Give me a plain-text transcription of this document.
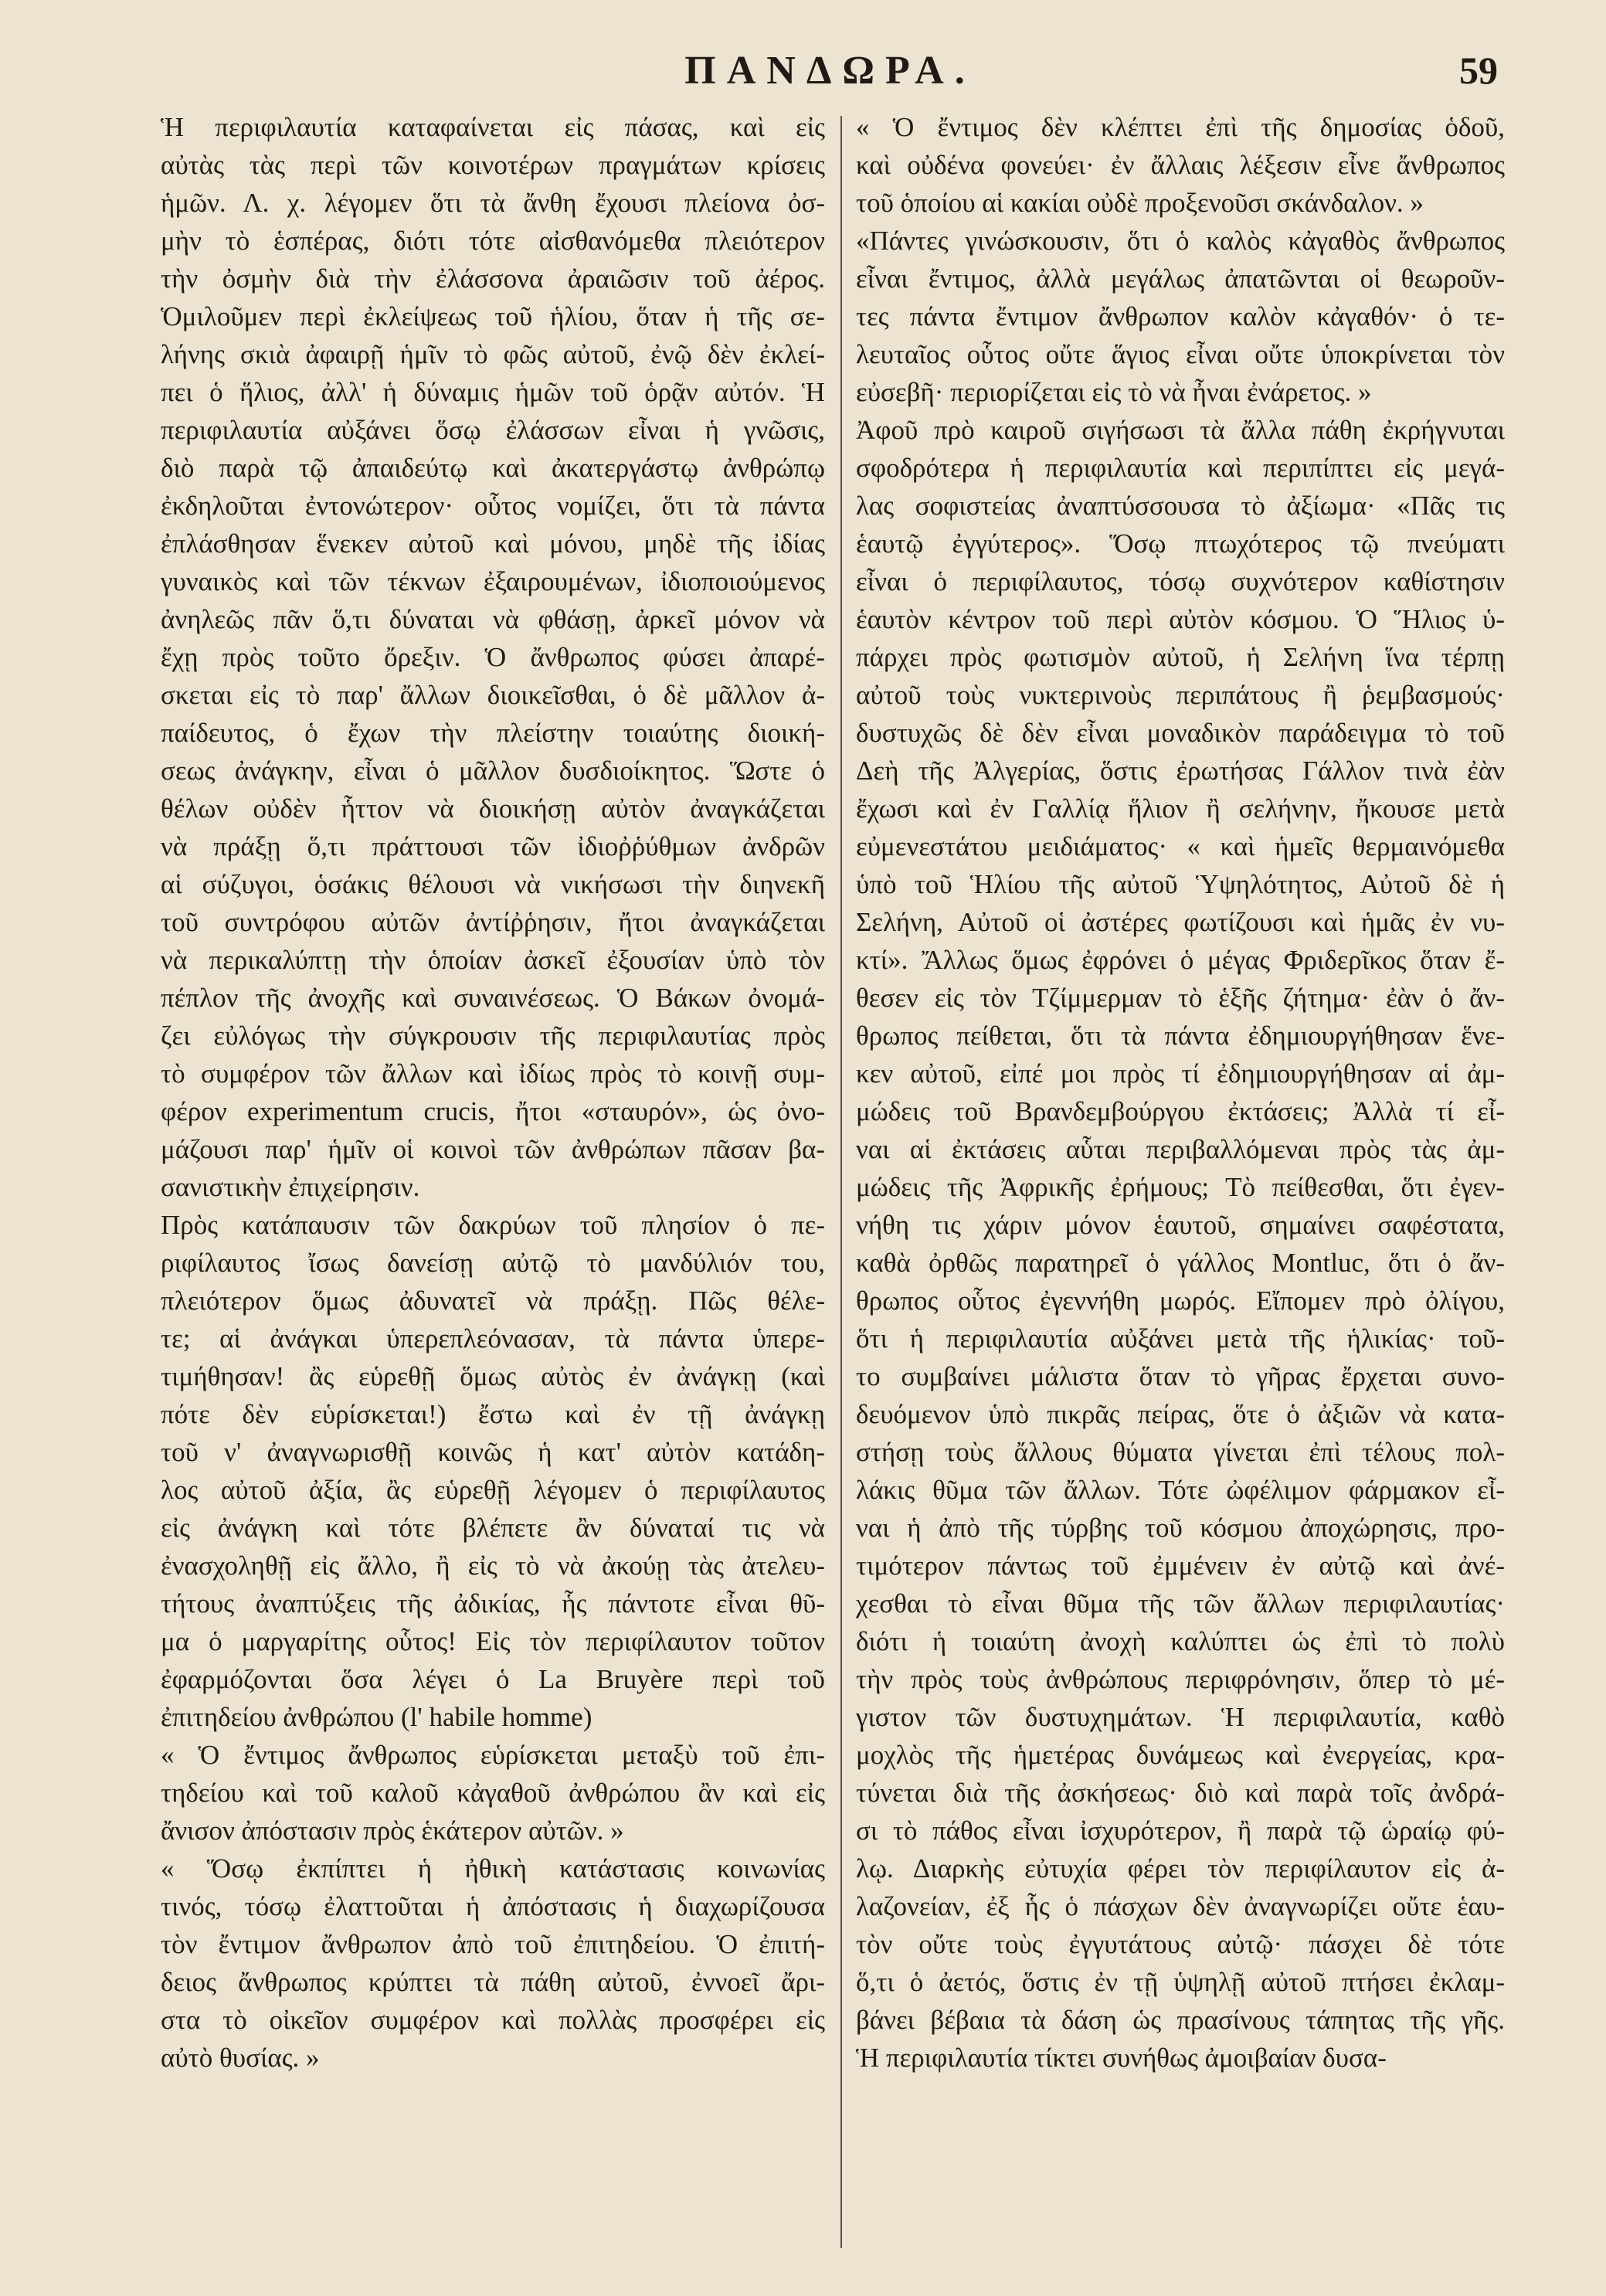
ΠΑΝΔΩΡΑ.	59
Ἡ περιφιλαυτία καταφαίνεται εἰς πάσας, καὶ εἰς
αὐτὰς τὰς περὶ τῶν κοινοτέρων πραγμάτων κρίσεις
ἡμῶν. Λ. χ. λέγομεν ὅτι τὰ ἄνθη ἔχουσι πλείονα ὀσ-
μὴν τὸ ἑσπέρας, διότι τότε αἰσθανόμεθα πλειότερον
τὴν ὀσμὴν διὰ τὴν ἐλάσσονα ἀραιῶσιν τοῦ ἀέρος.
Ὁμιλοῦμεν περὶ ἐκλείψεως τοῦ ἡλίου, ὅταν ἡ τῆς σε-
λήνης σκιὰ ἀφαιρῇ ἡμῖν τὸ φῶς αὐτοῦ, ἐνῷ δὲν ἐκλεί-
πει ὁ ἥλιος, ἀλλ' ἡ δύναμις ἡμῶν τοῦ ὁρᾷν αὐτόν. Ἡ
περιφιλαυτία αὐξάνει ὅσῳ ἐλάσσων εἶναι ἡ γνῶσις,
διὸ παρὰ τῷ ἀπαιδεύτῳ καὶ ἀκατεργάστῳ ἀνθρώπῳ
ἐκδηλοῦται ἐντονώτερον· οὗτος νομίζει, ὅτι τὰ πάντα
ἐπλάσθησαν ἕνεκεν αὐτοῦ καὶ μόνου, μηδὲ τῆς ἰδίας
γυναικὸς καὶ τῶν τέκνων ἐξαιρουμένων, ἰδιοποιούμενος
ἀνηλεῶς πᾶν ὅ,τι δύναται νὰ φθάσῃ, ἀρκεῖ μόνον νὰ
ἔχῃ πρὸς τοῦτο ὄρεξιν. Ὁ ἄνθρωπος φύσει ἀπαρέ-
σκεται εἰς τὸ παρ' ἄλλων διοικεῖσθαι, ὁ δὲ μᾶλλον ἀ-
παίδευτος, ὁ ἔχων τὴν πλείστην τοιαύτης διοική-
σεως ἀνάγκην, εἶναι ὁ μᾶλλον δυσδιοίκητος. Ὥστε ὁ
θέλων οὐδὲν ἧττον νὰ διοικήσῃ αὐτὸν ἀναγκάζεται
νὰ πράξῃ ὅ,τι πράττουσι τῶν ἰδιοῤῥύθμων ἀνδρῶν
αἱ σύζυγοι, ὁσάκις θέλουσι νὰ νικήσωσι τὴν διηνεκῆ
τοῦ συντρόφου αὐτῶν ἀντίῤῥησιν, ἤτοι ἀναγκάζεται
νὰ περικαλύπτῃ τὴν ὁποίαν ἀσκεῖ ἐξουσίαν ὑπὸ τὸν
πέπλον τῆς ἀνοχῆς καὶ συναινέσεως. Ὁ Βάκων ὀνομά-
ζει εὐλόγως τὴν σύγκρουσιν τῆς περιφιλαυτίας πρὸς
τὸ συμφέρον τῶν ἄλλων καὶ ἰδίως πρὸς τὸ κοινῇ συμ-
φέρον experimentum crucis, ἤτοι «σταυρόν», ὡς ὀνο-
μάζουσι παρ' ἡμῖν οἱ κοινοὶ τῶν ἀνθρώπων πᾶσαν βα-
σανιστικὴν ἐπιχείρησιν.
Πρὸς κατάπαυσιν τῶν δακρύων τοῦ πλησίον ὁ πε-
ριφίλαυτος ἴσως δανείσῃ αὐτῷ τὸ μανδύλιόν του,
πλειότερον ὅμως ἀδυνατεῖ νὰ πράξῃ. Πῶς θέλε-
τε; αἱ ἀνάγκαι ὑπερεπλεόνασαν, τὰ πάντα ὑπερε-
τιμήθησαν! ἂς εὑρεθῇ ὅμως αὐτὸς ἐν ἀνάγκῃ (καὶ
πότε δὲν εὑρίσκεται!) ἔστω καὶ ἐν τῇ ἀνάγκῃ
τοῦ ν' ἀναγνωρισθῇ κοινῶς ἡ κατ' αὐτὸν κατάδη-
λος αὐτοῦ ἀξία, ἂς εὑρεθῇ λέγομεν ὁ περιφίλαυτος
εἰς ἀνάγκη καὶ τότε βλέπετε ἂν δύναταί τις νὰ
ἐνασχοληθῇ εἰς ἄλλο, ἢ εἰς τὸ νὰ ἀκούῃ τὰς ἀτελευ-
τήτους ἀναπτύξεις τῆς ἀδικίας, ἧς πάντοτε εἶναι θῦ-
μα ὁ μαργαρίτης οὗτος! Εἰς τὸν περιφίλαυτον τοῦτον
ἐφαρμόζονται ὅσα λέγει ὁ La Bruyère περὶ τοῦ
ἐπιτηδείου ἀνθρώπου (l' habile homme)
« Ὁ ἔντιμος ἄνθρωπος εὑρίσκεται μεταξὺ τοῦ ἐπι-
τηδείου καὶ τοῦ καλοῦ κἀγαθοῦ ἀνθρώπου ἂν καὶ εἰς
ἄνισον ἀπόστασιν πρὸς ἑκάτερον αὐτῶν. »
« Ὅσῳ ἐκπίπτει ἡ ἠθικὴ κατάστασις κοινωνίας
τινός, τόσῳ ἐλαττοῦται ἡ ἀπόστασις ἡ διαχωρίζουσα
τὸν ἔντιμον ἄνθρωπον ἀπὸ τοῦ ἐπιτηδείου. Ὁ ἐπιτή-
δειος ἄνθρωπος κρύπτει τὰ πάθη αὐτοῦ, ἐννοεῖ ἄρι-
στα τὸ οἰκεῖον συμφέρον καὶ πολλὰς προσφέρει εἰς
αὐτὸ θυσίας. »
« Ὁ ἔντιμος δὲν κλέπτει ἐπὶ τῆς δημοσίας ὁδοῦ,
καὶ οὐδένα φονεύει· ἐν ἄλλαις λέξεσιν εἶνε ἄνθρωπος
τοῦ ὁποίου αἱ κακίαι οὐδὲ προξενοῦσι σκάνδαλον. »
«Πάντες γινώσκουσιν, ὅτι ὁ καλὸς κἀγαθὸς ἄνθρωπος
εἶναι ἔντιμος, ἀλλὰ μεγάλως ἀπατῶνται οἱ θεωροῦν-
τες πάντα ἔντιμον ἄνθρωπον καλὸν κἀγαθόν· ὁ τε-
λευταῖος οὗτος οὔτε ἅγιος εἶναι οὔτε ὑποκρίνεται τὸν
εὐσεβῆ· περιορίζεται εἰς τὸ νὰ ἦναι ἐνάρετος. »
Ἀφοῦ πρὸ καιροῦ σιγήσωσι τὰ ἄλλα πάθη ἐκρήγνυται
σφοδρότερα ἡ περιφιλαυτία καὶ περιπίπτει εἰς μεγά-
λας σοφιστείας ἀναπτύσσουσα τὸ ἀξίωμα· «Πᾶς τις
ἑαυτῷ ἐγγύτερος». Ὅσῳ πτωχότερος τῷ πνεύματι
εἶναι ὁ περιφίλαυτος, τόσῳ συχνότερον καθίστησιν
ἑαυτὸν κέντρον τοῦ περὶ αὐτὸν κόσμου. Ὁ Ἥλιος ὑ-
πάρχει πρὸς φωτισμὸν αὐτοῦ, ἡ Σελήνη ἵνα τέρπῃ
αὐτοῦ τοὺς νυκτερινοὺς περιπάτους ἢ ῥεμβασμούς·
δυστυχῶς δὲ δὲν εἶναι μοναδικὸν παράδειγμα τὸ τοῦ
Δεὴ τῆς Ἀλγερίας, ὅστις ἐρωτήσας Γάλλον τινὰ ἐὰν
ἔχωσι καὶ ἐν Γαλλίᾳ ἥλιον ἢ σελήνην, ἤκουσε μετὰ
εὐμενεστάτου μειδιάματος· « καὶ ἡμεῖς θερμαινόμεθα
ὑπὸ τοῦ Ἡλίου τῆς αὐτοῦ Ὑψηλότητος, Αὐτοῦ δὲ ἡ
Σελήνη, Αὐτοῦ οἱ ἀστέρες φωτίζουσι καὶ ἡμᾶς ἐν νυ-
κτί». Ἄλλως ὅμως ἐφρόνει ὁ μέγας Φριδερῖκος ὅταν ἔ-
θεσεν εἰς τὸν Τζίμμερμαν τὸ ἑξῆς ζήτημα· ἐὰν ὁ ἄν-
θρωπος πείθεται, ὅτι τὰ πάντα ἐδημιουργήθησαν ἕνε-
κεν αὐτοῦ, εἰπέ μοι πρὸς τί ἐδημιουργήθησαν αἱ ἀμ-
μώδεις τοῦ Βρανδεμβούργου ἐκτάσεις; Ἀλλὰ τί εἶ-
ναι αἱ ἐκτάσεις αὗται περιβαλλόμεναι πρὸς τὰς ἀμ-
μώδεις τῆς Ἀφρικῆς ἐρήμους; Τὸ πείθεσθαι, ὅτι ἐγεν-
νήθη τις χάριν μόνον ἑαυτοῦ, σημαίνει σαφέστατα,
καθὰ ὀρθῶς παρατηρεῖ ὁ γάλλος Montluc, ὅτι ὁ ἄν-
θρωπος οὗτος ἐγεννήθη μωρός. Εἴπομεν πρὸ ὀλίγου,
ὅτι ἡ περιφιλαυτία αὐξάνει μετὰ τῆς ἡλικίας· τοῦ-
το συμβαίνει μάλιστα ὅταν τὸ γῆρας ἔρχεται συνο-
δευόμενον ὑπὸ πικρᾶς πείρας, ὅτε ὁ ἀξιῶν νὰ κατα-
στήσῃ τοὺς ἄλλους θύματα γίνεται ἐπὶ τέλους πολ-
λάκις θῦμα τῶν ἄλλων. Τότε ὠφέλιμον φάρμακον εἶ-
ναι ἡ ἀπὸ τῆς τύρβης τοῦ κόσμου ἀποχώρησις, προ-
τιμότερον πάντως τοῦ ἐμμένειν ἐν αὐτῷ καὶ ἀνέ-
χεσθαι τὸ εἶναι θῦμα τῆς τῶν ἄλλων περιφιλαυτίας·
διότι ἡ τοιαύτη ἀνοχὴ καλύπτει ὡς ἐπὶ τὸ πολὺ
τὴν πρὸς τοὺς ἀνθρώπους περιφρόνησιν, ὅπερ τὸ μέ-
γιστον τῶν δυστυχημάτων. Ἡ περιφιλαυτία, καθὸ
μοχλὸς τῆς ἡμετέρας δυνάμεως καὶ ἐνεργείας, κρα-
τύνεται διὰ τῆς ἀσκήσεως· διὸ καὶ παρὰ τοῖς ἀνδρά-
σι τὸ πάθος εἶναι ἰσχυρότερον, ἢ παρὰ τῷ ὡραίῳ φύ-
λῳ. Διαρκὴς εὐτυχία φέρει τὸν περιφίλαυτον εἰς ἀ-
λαζονείαν, ἐξ ἧς ὁ πάσχων δὲν ἀναγνωρίζει οὔτε ἑαυ-
τὸν οὔτε τοὺς ἐγγυτάτους αὐτῷ· πάσχει δὲ τότε
ὅ,τι ὁ ἀετός, ὅστις ἐν τῇ ὑψηλῇ αὐτοῦ πτήσει ἐκλαμ-
βάνει βέβαια τὰ δάση ὡς πρασίνους τάπητας τῆς γῆς.
Ἡ περιφιλαυτία τίκτει συνήθως ἀμοιβαίαν δυσα-
